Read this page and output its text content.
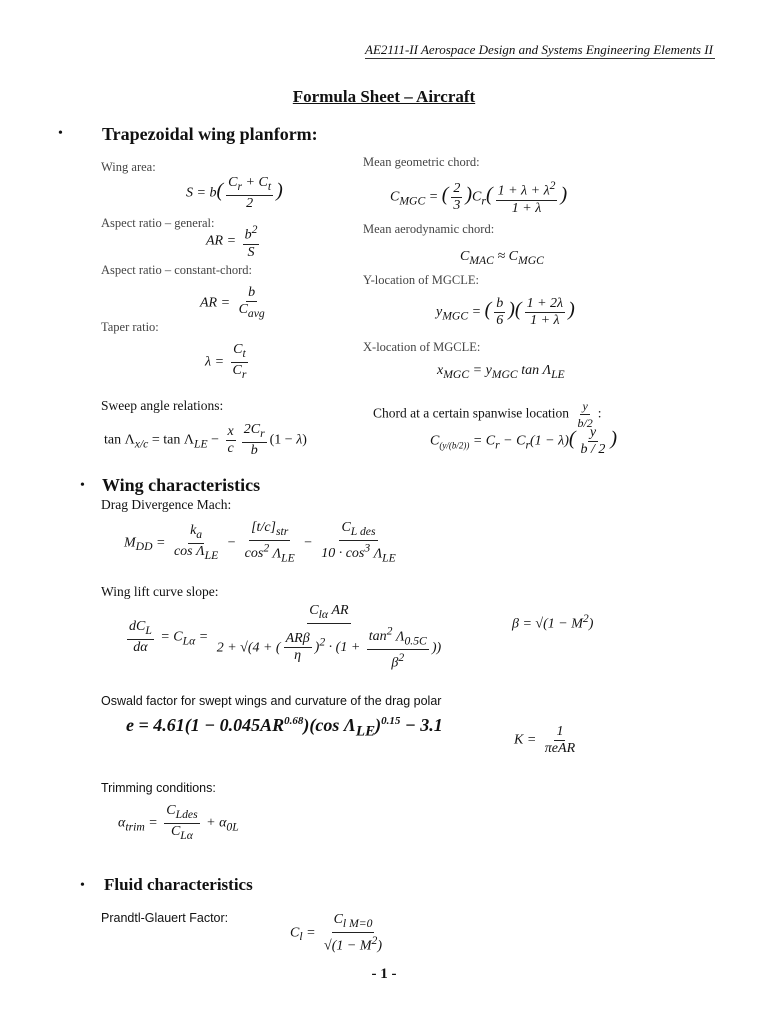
AE2111-II Aerospace Design and Systems Engineering Elements II
Formula Sheet – Aircraft
• Trapezoidal wing planform:
Wing area:
$S = b( \frac{C_r + C_t}{2}$ )
Aspect ratio – general:
AR = $\frac{b^2}{S}$
Aspect ratio – constant-chord:
AR = $\frac{b}{C_{avg}}$
Taper ratio:
$\lambda = \frac{C_t}{C_r}$
Mean geometric chord:
$C_{MGC}$ = ( $\frac{2}{3} )C_r( \frac{1 + \lambda + \lambda^2}{1 + \lambda}$ )
Mean aerodynamic chord:
$C_{MAC} \approx C_{MGC}$
Y-location of MGCLE:
$y_{MGC}$ = ( $\frac{b}{6}$ )( $\frac{1 + 2\lambda}{1 + \lambda}$ )
X-location of MGCLE:
$x_{MGC} = y_{MGC}$ $\tan \Lambda_{LE}$
Sweep angle relations:
$\tan \Lambda_{x/c} = \tan \Lambda_{LE} - \frac{x}{c} \frac{2C_r}{b} (1 - \lambda)$
Chord at a certain spanwise location $\frac{y}{b/2}$ :
$C_{(y/(b/2))} = C_r - C_r(1 - \lambda)( \frac{y}{b / 2}$ )
• Wing characteristics
Drag Divergence Mach:
$M_{DD} = \frac{k_a}{\cos \Lambda_{LE}} - \frac{[t/c]_{str}}{\cos^2 \Lambda_{LE}} - \frac{C_{L des}}{10 \cdot \cos^3 \Lambda_{LE}}$
Wing lift curve slope:
$\frac{dC_L}{d\alpha} = C_{L\alpha} = \frac{C_{l\alpha} AR}{2 + √(4 + ( \frac{\text{ARβ}}{\eta} )^2 \cdot (1 + \frac{\tan^2 \Lambda_{0.5C}}{\beta^2} ))}$	$\beta = √(1 - M^2)$
Oswald factor for swept wings and curvature of the drag polar
$e = 4.61(1 - 0.045AR^{0.68})(\cos$ $\Lambda_{LE})^{0.15} - 3.1$
$K = \frac{1}{\text{πeAR}}$
Trimming conditions:
$\alpha_{trim} = \frac{C_{Ldes}}{C_{L\alpha}} + \alpha_{0L}$
• Fluid characteristics
Prandtl-Glauert Factor:
$C_l = \frac{C_{l M=0}}{√(1 - M^2)}$
- 1 -
